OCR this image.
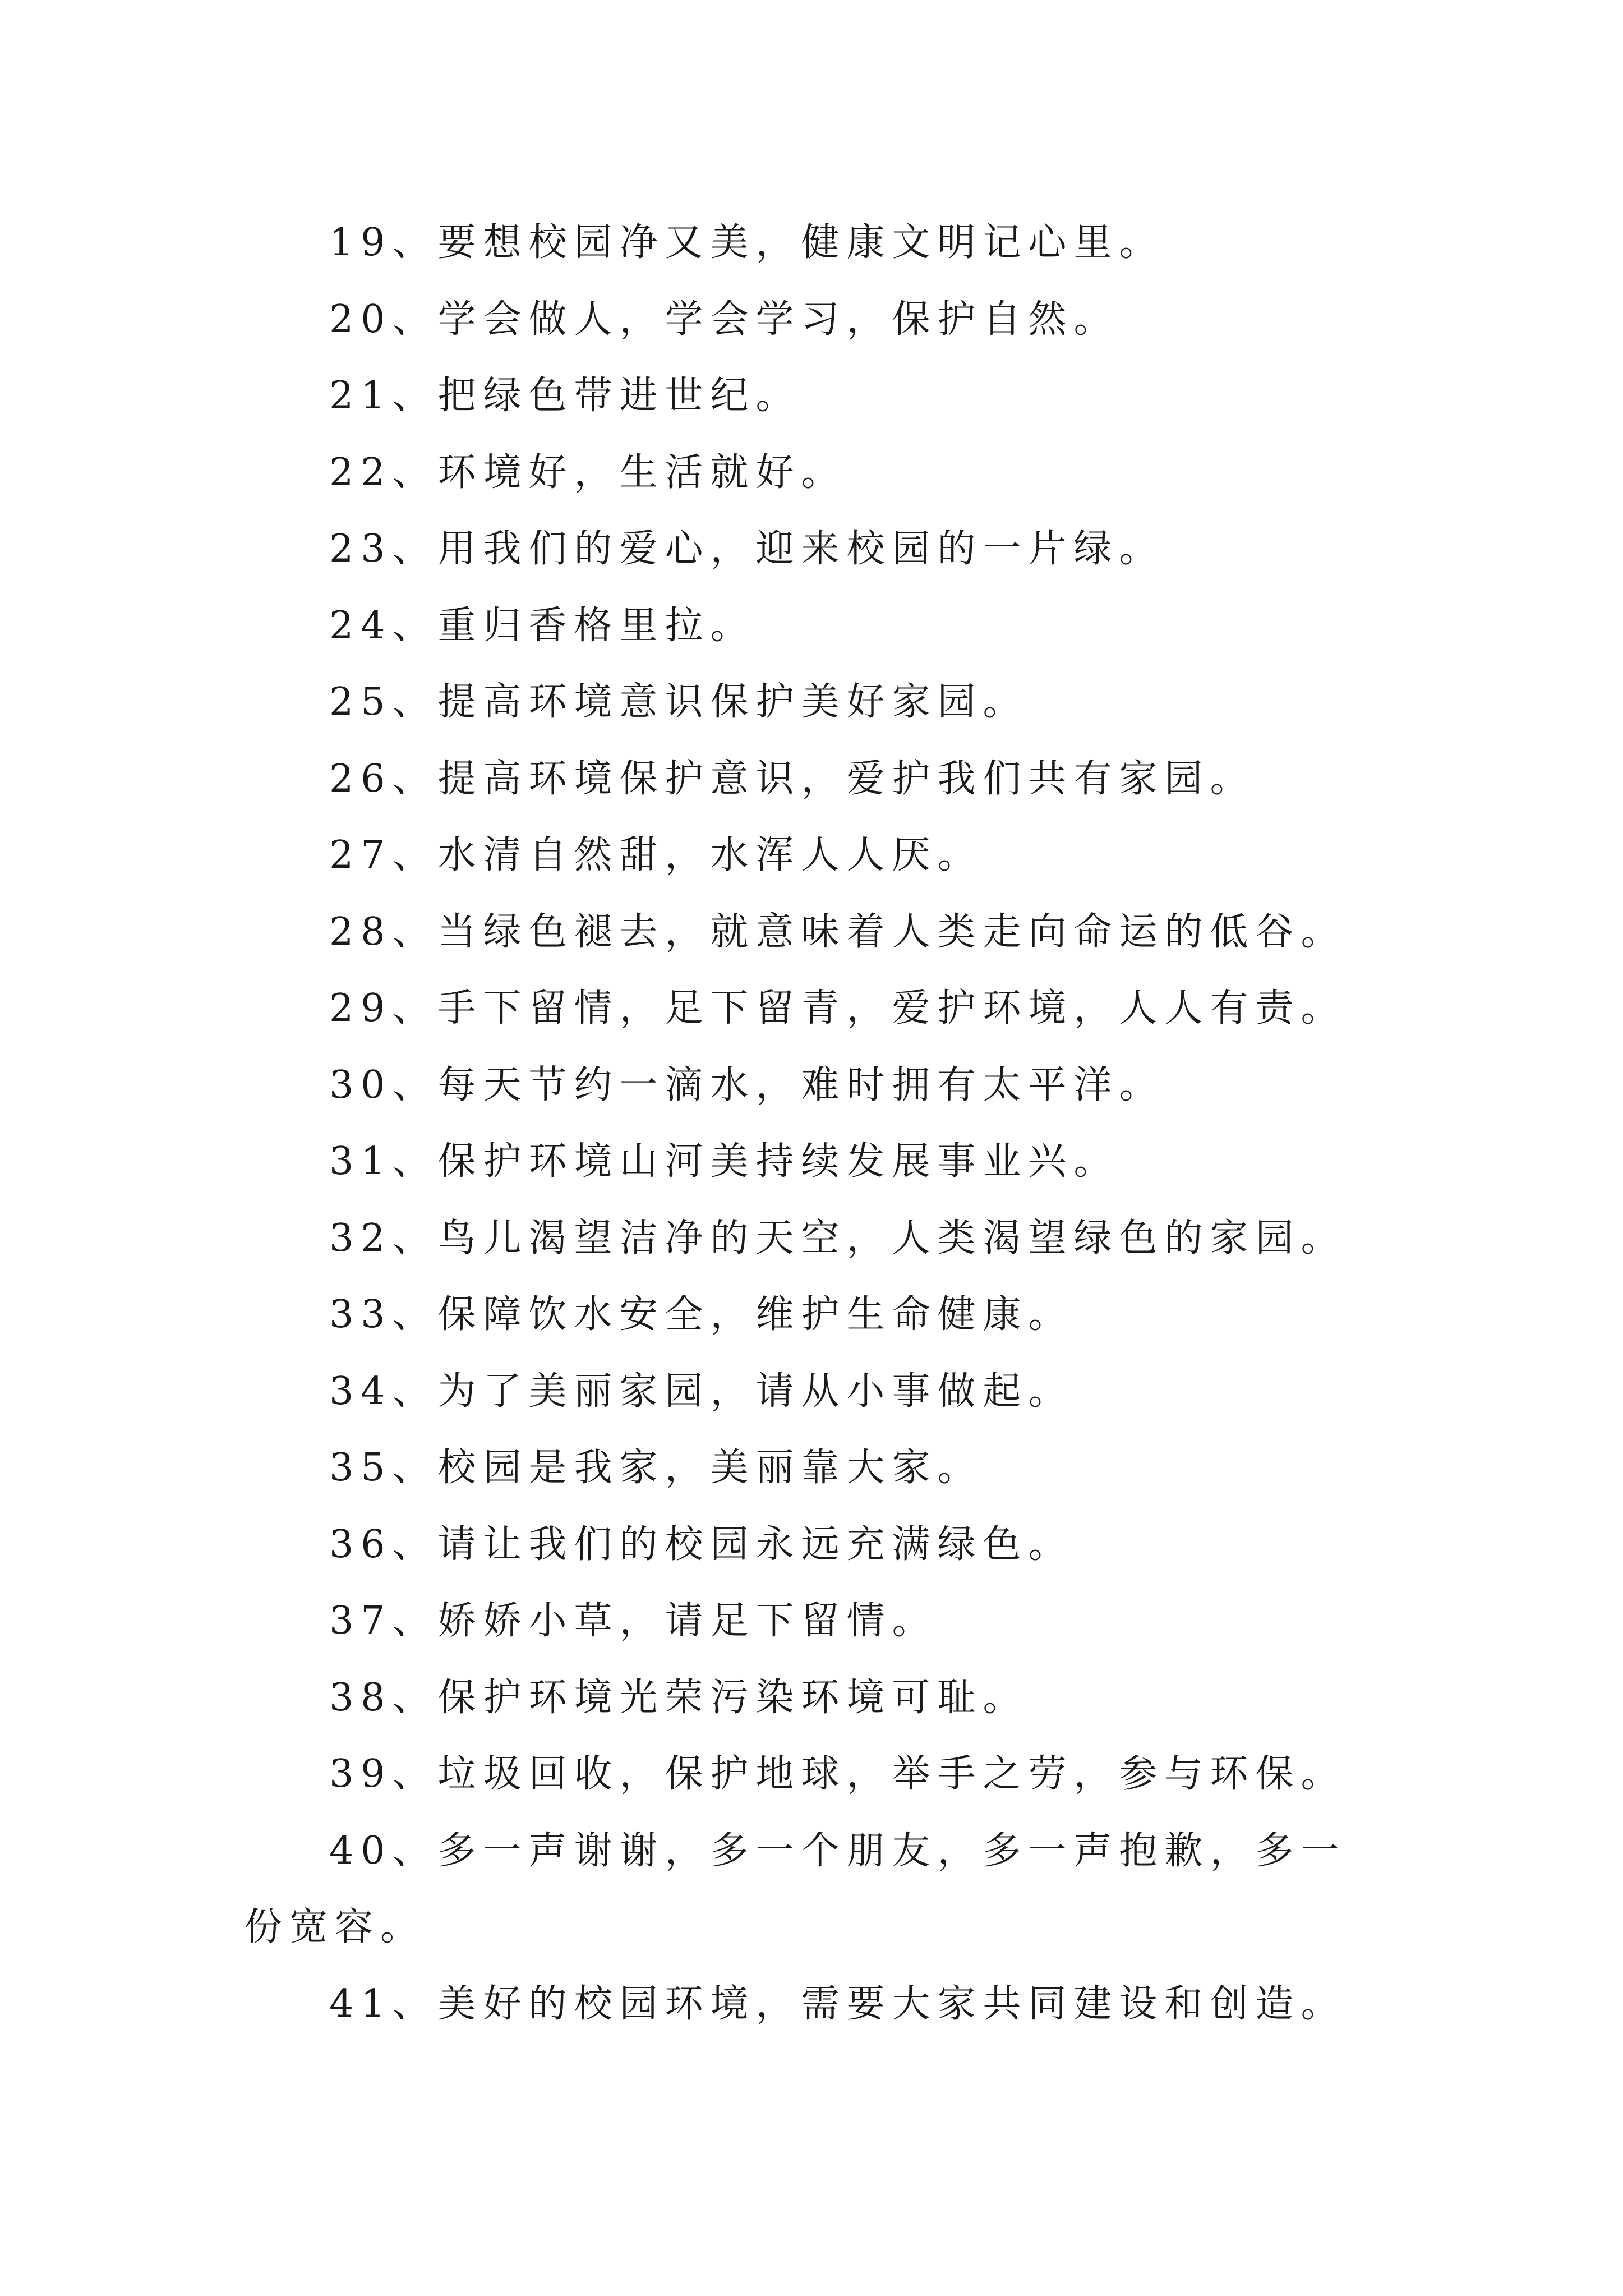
19、要想校园净又美，健康文明记心里。

20、学会做人，学会学习，保护自然。

21、把绿色带进世纪。

22、环境好，生活就好。

23、用我们的爱心，迎来校园的一片绿。

24、重归香格里拉。

25、提高环境意识保护美好家园。

26、提高环境保护意识，爱护我们共有家园。

27、水清自然甜，水浑人人厌。

28、当绿色褪去，就意味着人类走向命运的低谷。

29、手下留情，足下留青，爱护环境，人人有责。

30、每天节约一滴水，难时拥有太平洋。

31、保护环境山河美持续发展事业兴。

32、鸟儿渴望洁净的天空，人类渴望绿色的家园。

33、保障饮水安全，维护生命健康。

34、为了美丽家园，请从小事做起。

35、校园是我家，美丽靠大家。

36、请让我们的校园永远充满绿色。

37、娇娇小草，请足下留情。

38、保护环境光荣污染环境可耻。

39、垃圾回收，保护地球，举手之劳，参与环保。

40、多一声谢谢，多一个朋友，多一声抱歉，多一份宽容。

41、美好的校园环境，需要大家共同建设和创造。
